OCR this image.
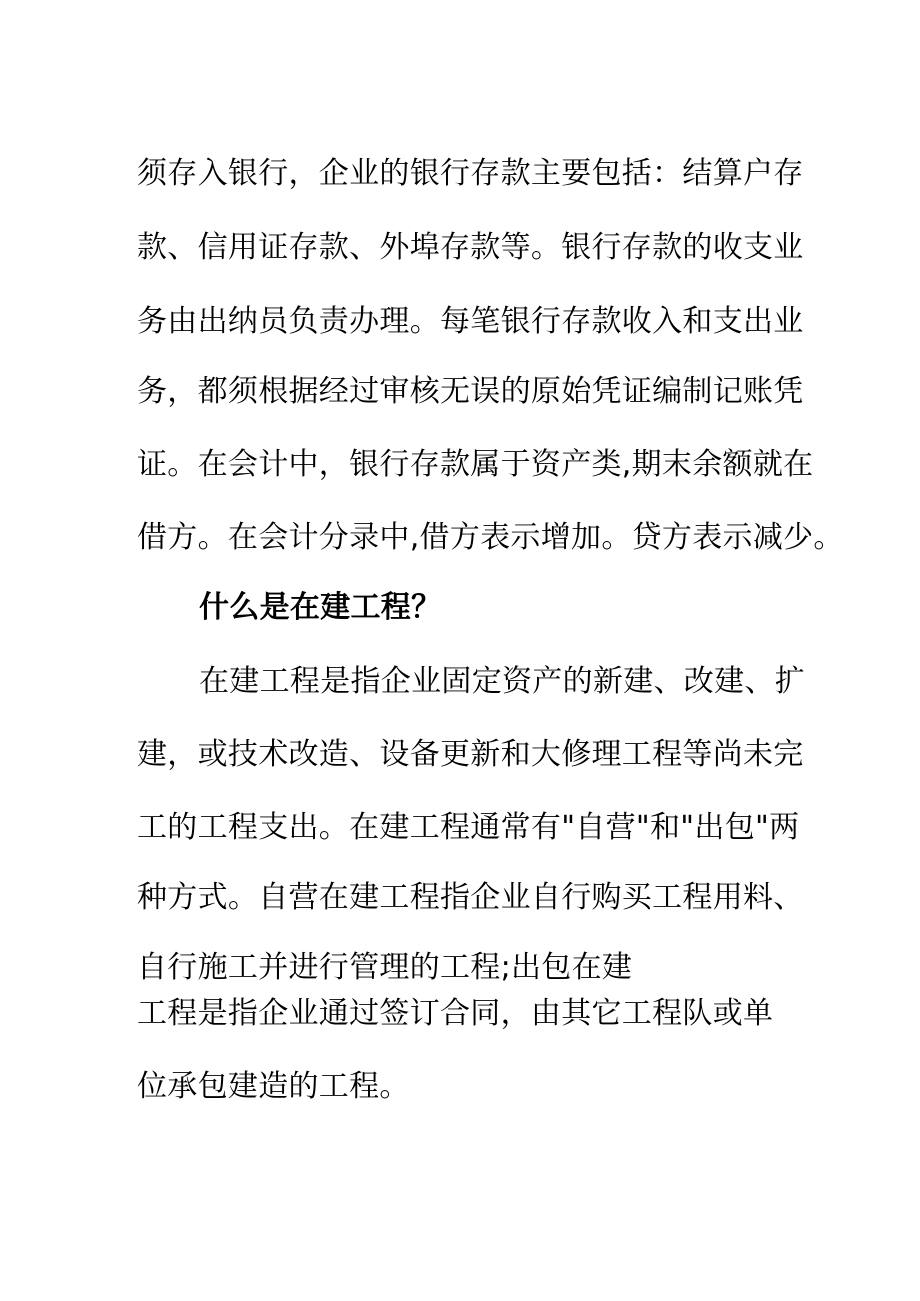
须存入银行，企业的银行存款主要包括：结算户存
款、信用证存款、外埠存款等。银行存款的收支业
务由出纳员负责办理。每笔银行存款收入和支出业
务，都须根据经过审核无误的原始凭证编制记账凭
证。在会计中，银行存款属于资产类,期末余额就在
借方。在会计分录中,借方表示增加。贷方表示减少。
什么是在建工程？
在建工程是指企业固定资产的新建、改建、扩
建，或技术改造、设备更新和大修理工程等尚未完
工的工程支出。在建工程通常有"自营"和"出包"两
种方式。自营在建工程指企业自行购买工程用料、
自行施工并进行管理的工程;出包在建
工程是指企业通过签订合同，由其它工程队或单
位承包建造的工程。
